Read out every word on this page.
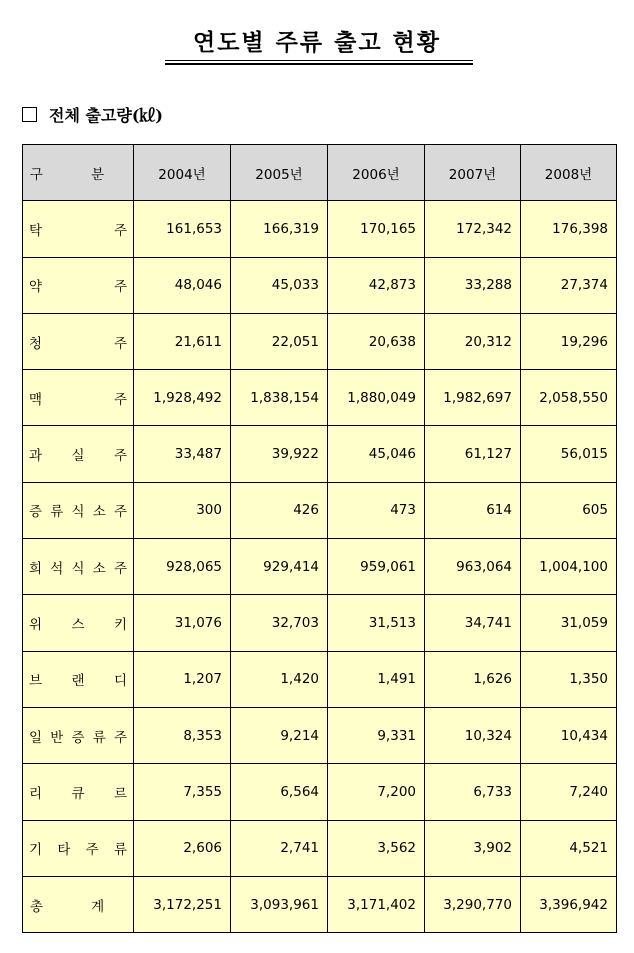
연도별 주류 출고 현황
전체 출고량(㎘)
구 분	2004년	2005년	2006년	2007년	2008년
탁 주	161,653	166,319	170,165	172,342	176,398
약 주	48,046	45,033	42,873	33,288	27,374
청 주	21,611	22,051	20,638	20,312	19,296
맥 주	1,928,492	1,838,154	1,880,049	1,982,697	2,058,550
과 실 주	33,487	39,922	45,046	61,127	56,015
증 류 식 소 주	300	426	473	614	605
희 석 식 소 주	928,065	929,414	959,061	963,064	1,004,100
위 스 키	31,076	32,703	31,513	34,741	31,059
브 랜 디	1,207	1,420	1,491	1,626	1,350
일 반 증 류 주	8,353	9,214	9,331	10,324	10,434
리 큐 르	7,355	6,564	7,200	6,733	7,240
기 타 주 류	2,606	2,741	3,562	3,902	4,521
총 계	3,172,251	3,093,961	3,171,402	3,290,770	3,396,942
